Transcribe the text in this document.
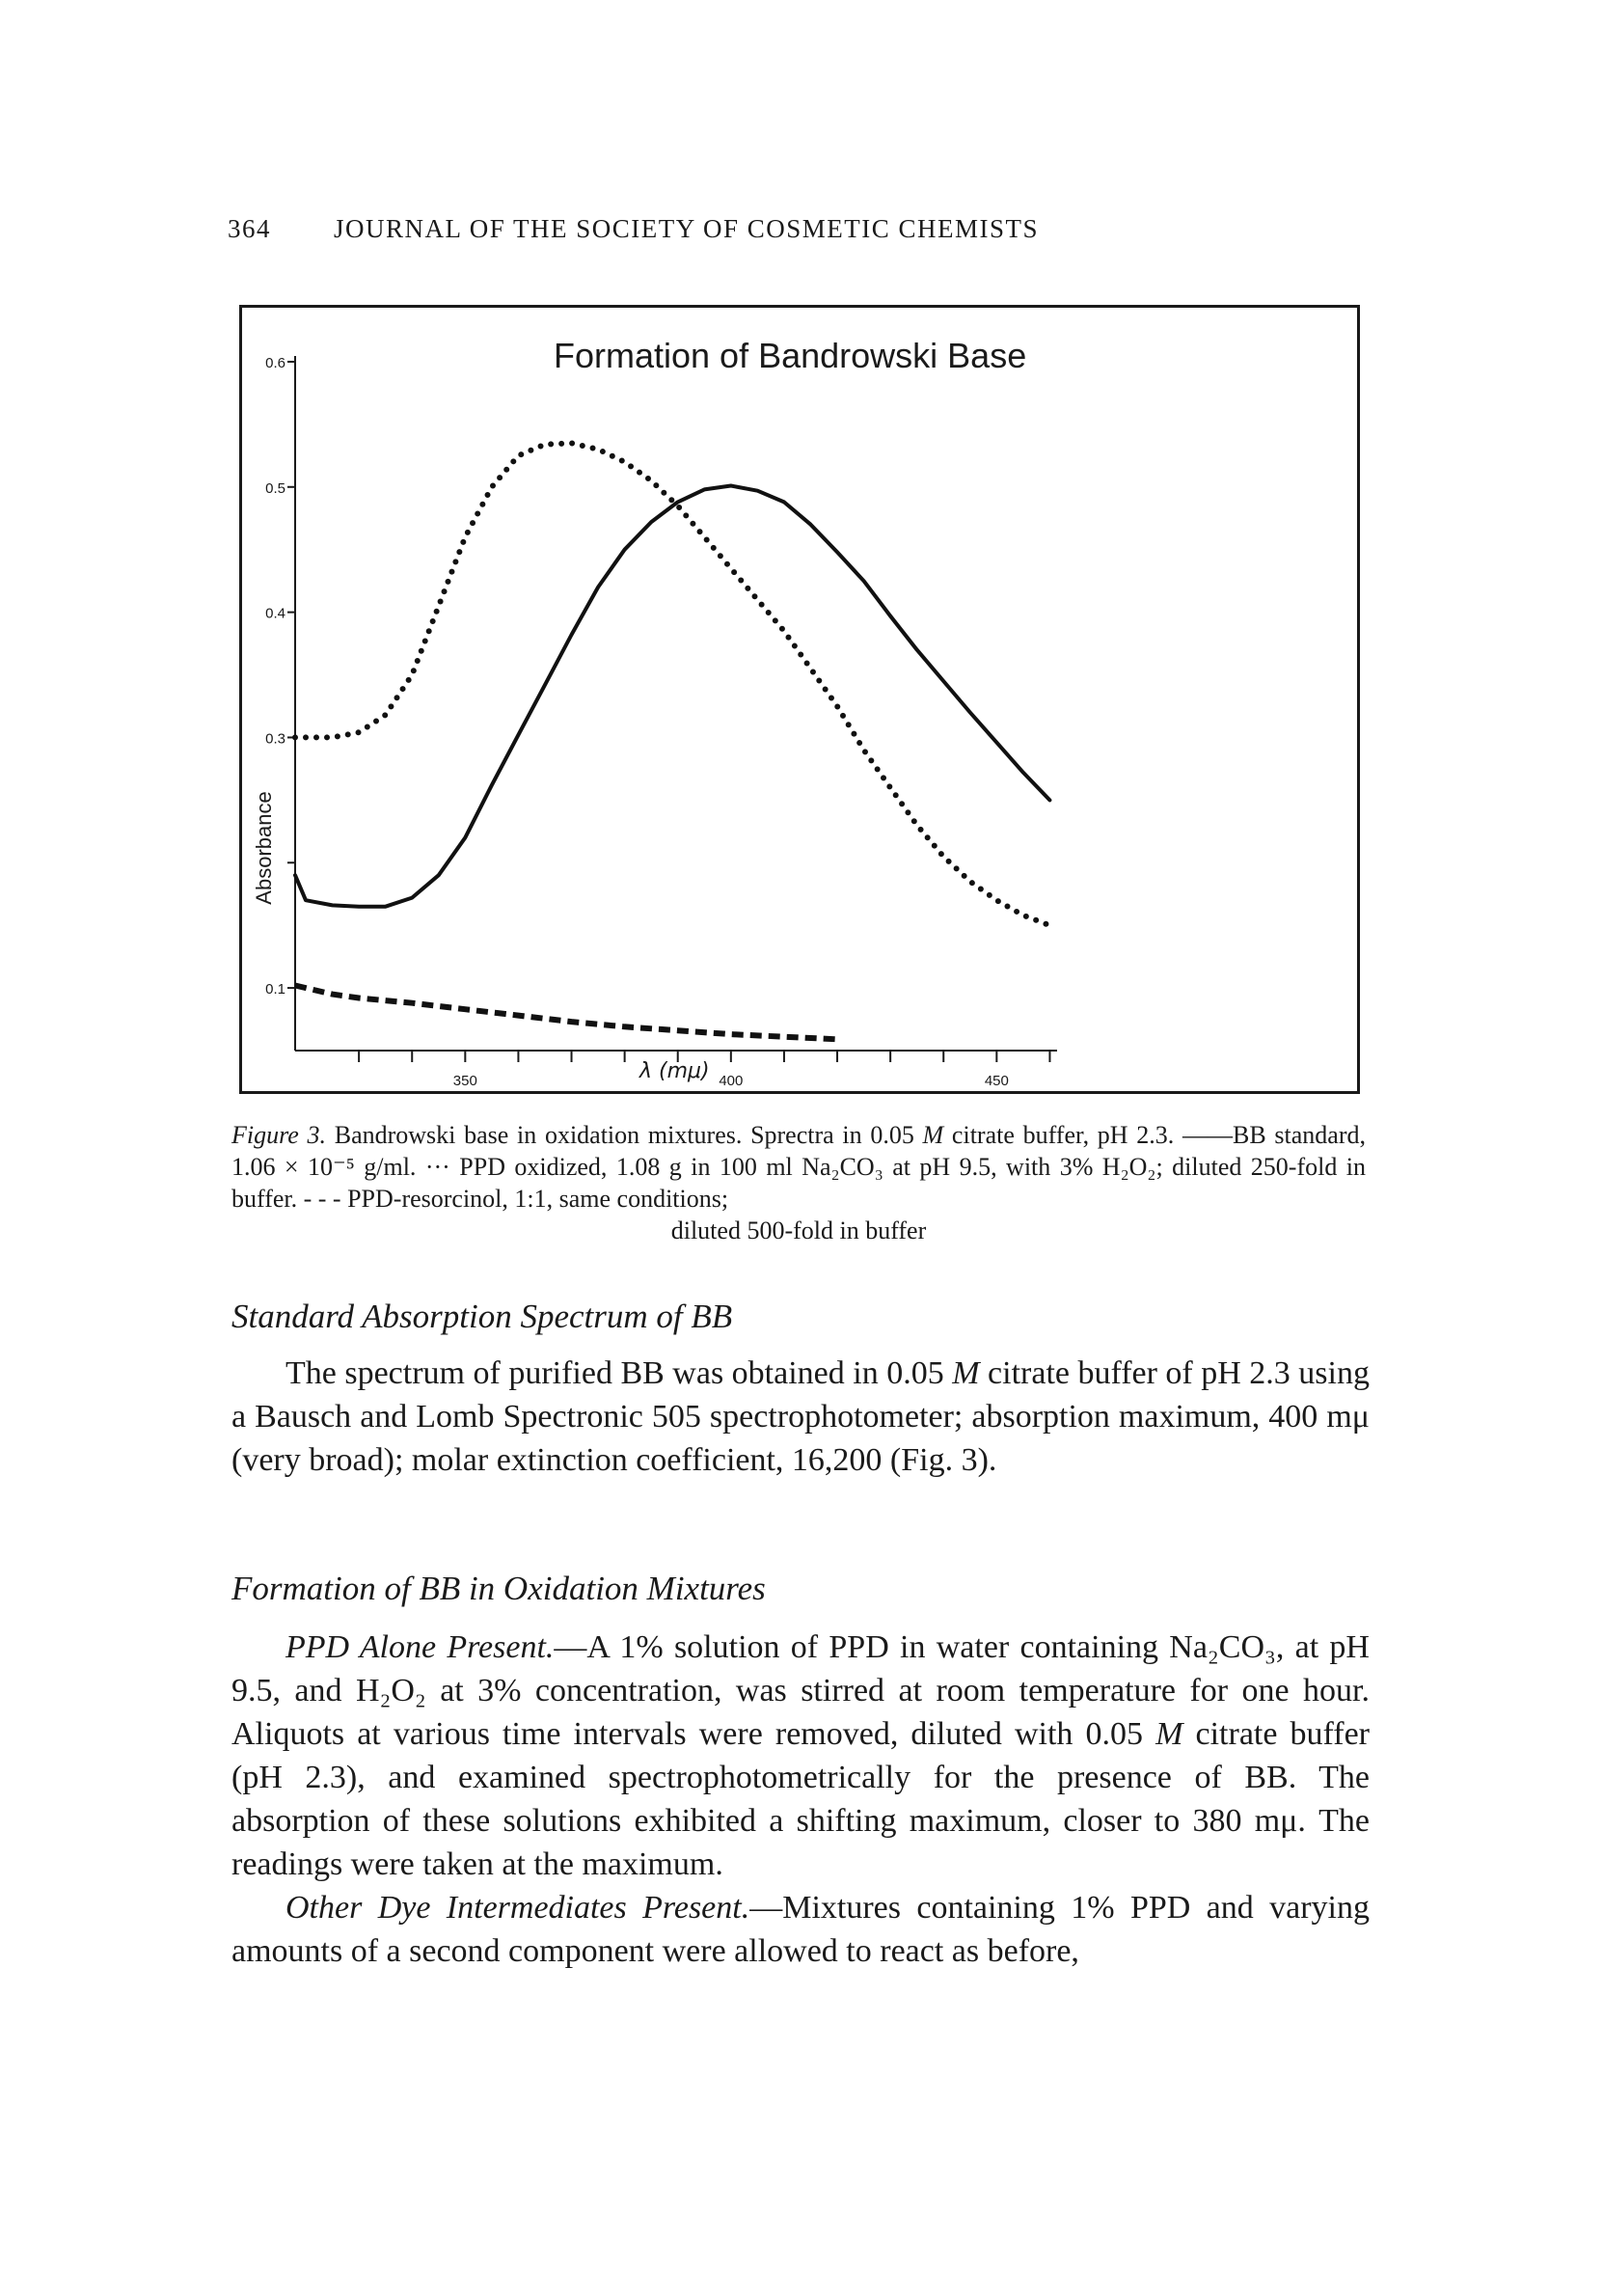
364 JOURNAL OF THE SOCIETY OF COSMETIC CHEMISTS
0.6
0.5
0.4
0.3
0.1
350	400	450
Formation of Bandrowski Base
Absorbance
λ (mμ)
Figure 3. Bandrowski base in oxidation mixtures. Sprectra in 0.05 M citrate buffer, pH 2.3. ——BB standard, 1.06 × 10⁻⁵ g/ml. ··· PPD oxidized, 1.08 g in 100 ml Na₂CO₃ at pH 9.5, with 3% H₂O₂; diluted 250-fold in buffer. - - - PPD-resorcinol, 1:1, same conditions;
diluted 500-fold in buffer

Standard Absorption Spectrum of BB

The spectrum of purified BB was obtained in 0.05 M citrate buffer of pH 2.3 using a Bausch and Lomb Spectronic 505 spectrophotometer; absorption maximum, 400 mμ (very broad); molar extinction coefficient, 16,200 (Fig. 3).

Formation of BB in Oxidation Mixtures

PPD Alone Present.—A 1% solution of PPD in water containing Na₂CO₃, at pH 9.5, and H₂O₂ at 3% concentration, was stirred at room temperature for one hour. Aliquots at various time intervals were removed, diluted with 0.05 M citrate buffer (pH 2.3), and examined spectrophotometrically for the presence of BB. The absorption of these solutions exhibited a shifting maximum, closer to 380 mμ. The readings were taken at the maximum.

Other Dye Intermediates Present.—Mixtures containing 1% PPD and varying amounts of a second component were allowed to react as before,
